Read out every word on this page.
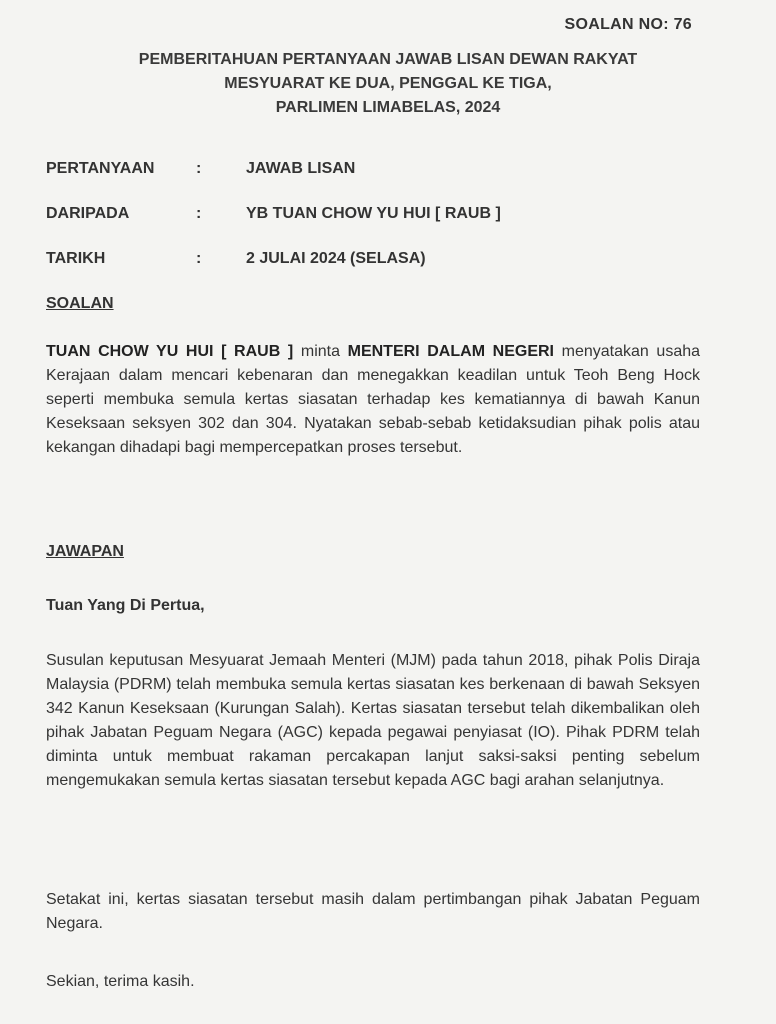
SOALAN NO: 76
PEMBERITAHUAN PERTANYAAN JAWAB LISAN DEWAN RAKYAT
MESYUARAT KE DUA, PENGGAL KE TIGA,
PARLIMEN LIMABELAS, 2024
PERTANYAAN	:	JAWAB LISAN
DARIPADA	:	YB TUAN CHOW YU HUI [ RAUB ]
TARIKH	:	2 JULAI 2024 (SELASA)
SOALAN
TUAN CHOW YU HUI [ RAUB ] minta MENTERI DALAM NEGERI menyatakan usaha Kerajaan dalam mencari kebenaran dan menegakkan keadilan untuk Teoh Beng Hock seperti membuka semula kertas siasatan terhadap kes kematiannya di bawah Kanun Keseksaan seksyen 302 dan 304. Nyatakan sebab-sebab ketidaksudian pihak polis atau kekangan dihadapi bagi mempercepatkan proses tersebut.
JAWAPAN
Tuan Yang Di Pertua,
Susulan keputusan Mesyuarat Jemaah Menteri (MJM) pada tahun 2018, pihak Polis Diraja Malaysia (PDRM) telah membuka semula kertas siasatan kes berkenaan di bawah Seksyen 342 Kanun Keseksaan (Kurungan Salah). Kertas siasatan tersebut telah dikembalikan oleh pihak Jabatan Peguam Negara (AGC) kepada pegawai penyiasat (IO). Pihak PDRM telah diminta untuk membuat rakaman percakapan lanjut saksi-saksi penting sebelum mengemukakan semula kertas siasatan tersebut kepada AGC bagi arahan selanjutnya.
Setakat ini, kertas siasatan tersebut masih dalam pertimbangan pihak Jabatan Peguam Negara.
Sekian, terima kasih.
